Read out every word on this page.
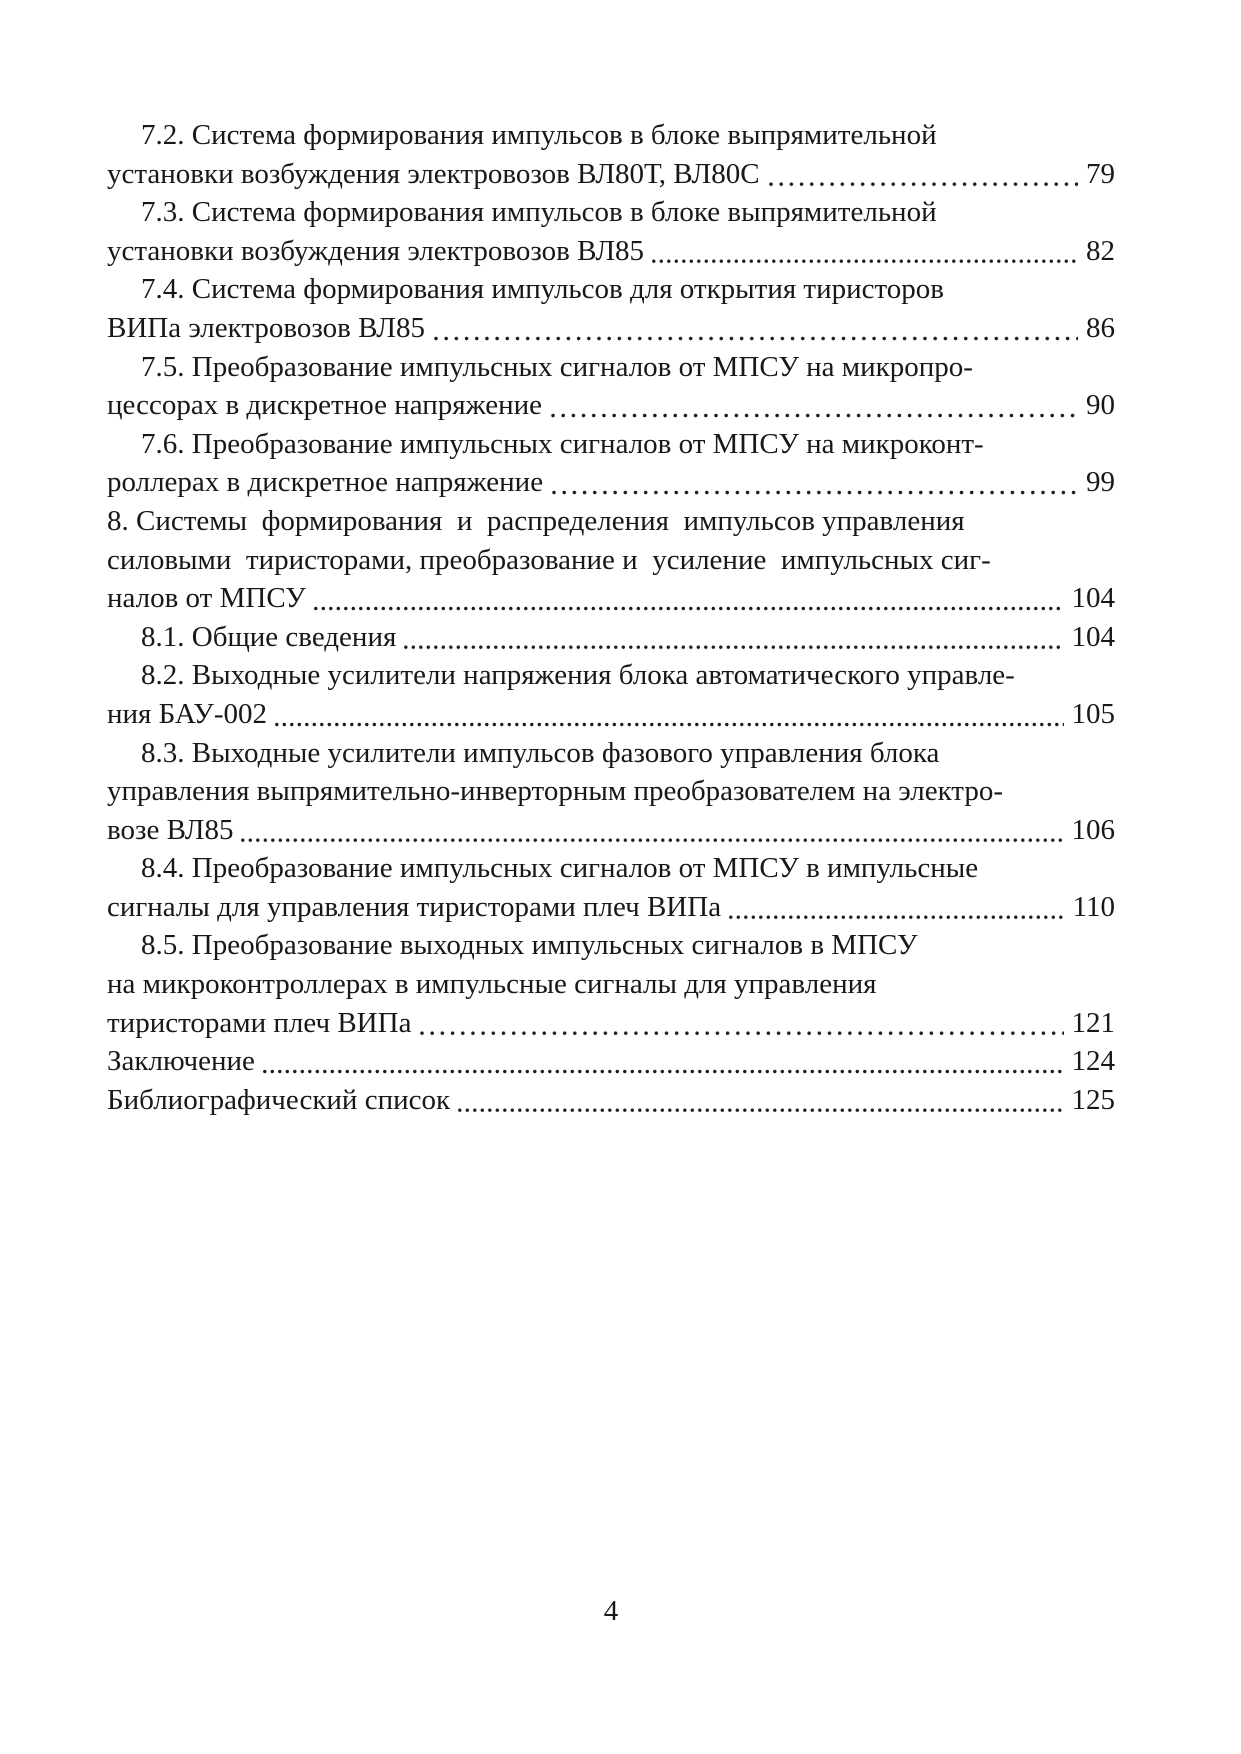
7.2. Система формирования импульсов в блоке выпрямительной
установки возбуждения электровозов ВЛ80Т, ВЛ80С	79
7.3. Система формирования импульсов в блоке выпрямительной
установки возбуждения электровозов ВЛ85	82
7.4. Система формирования импульсов для открытия тиристоров
ВИПа электровозов ВЛ85	86
7.5. Преобразование импульсных сигналов от МПСУ на микропро-
цессорах в дискретное напряжение	90
7.6. Преобразование импульсных сигналов от МПСУ на микроконт-
роллерах в дискретное напряжение	99
8. Системы  формирования  и  распределения  импульсов управления
силовыми  тиристорами, преобразование и  усиление  импульсных сиг-
налов от МПСУ	104
8.1. Общие сведения	104
8.2. Выходные усилители напряжения блока автоматического управле-
ния БАУ-002	105
8.3. Выходные усилители импульсов фазового управления блока
управления выпрямительно-инверторным преобразователем на электро-
возе ВЛ85	106
8.4. Преобразование импульсных сигналов от МПСУ в импульсные
сигналы для управления тиристорами плеч ВИПа	110
8.5. Преобразование выходных импульсных сигналов в МПСУ
на микроконтроллерах в импульсные сигналы для управления
тиристорами плеч ВИПа	121
Заключение	124
Библиографический список	125
4
